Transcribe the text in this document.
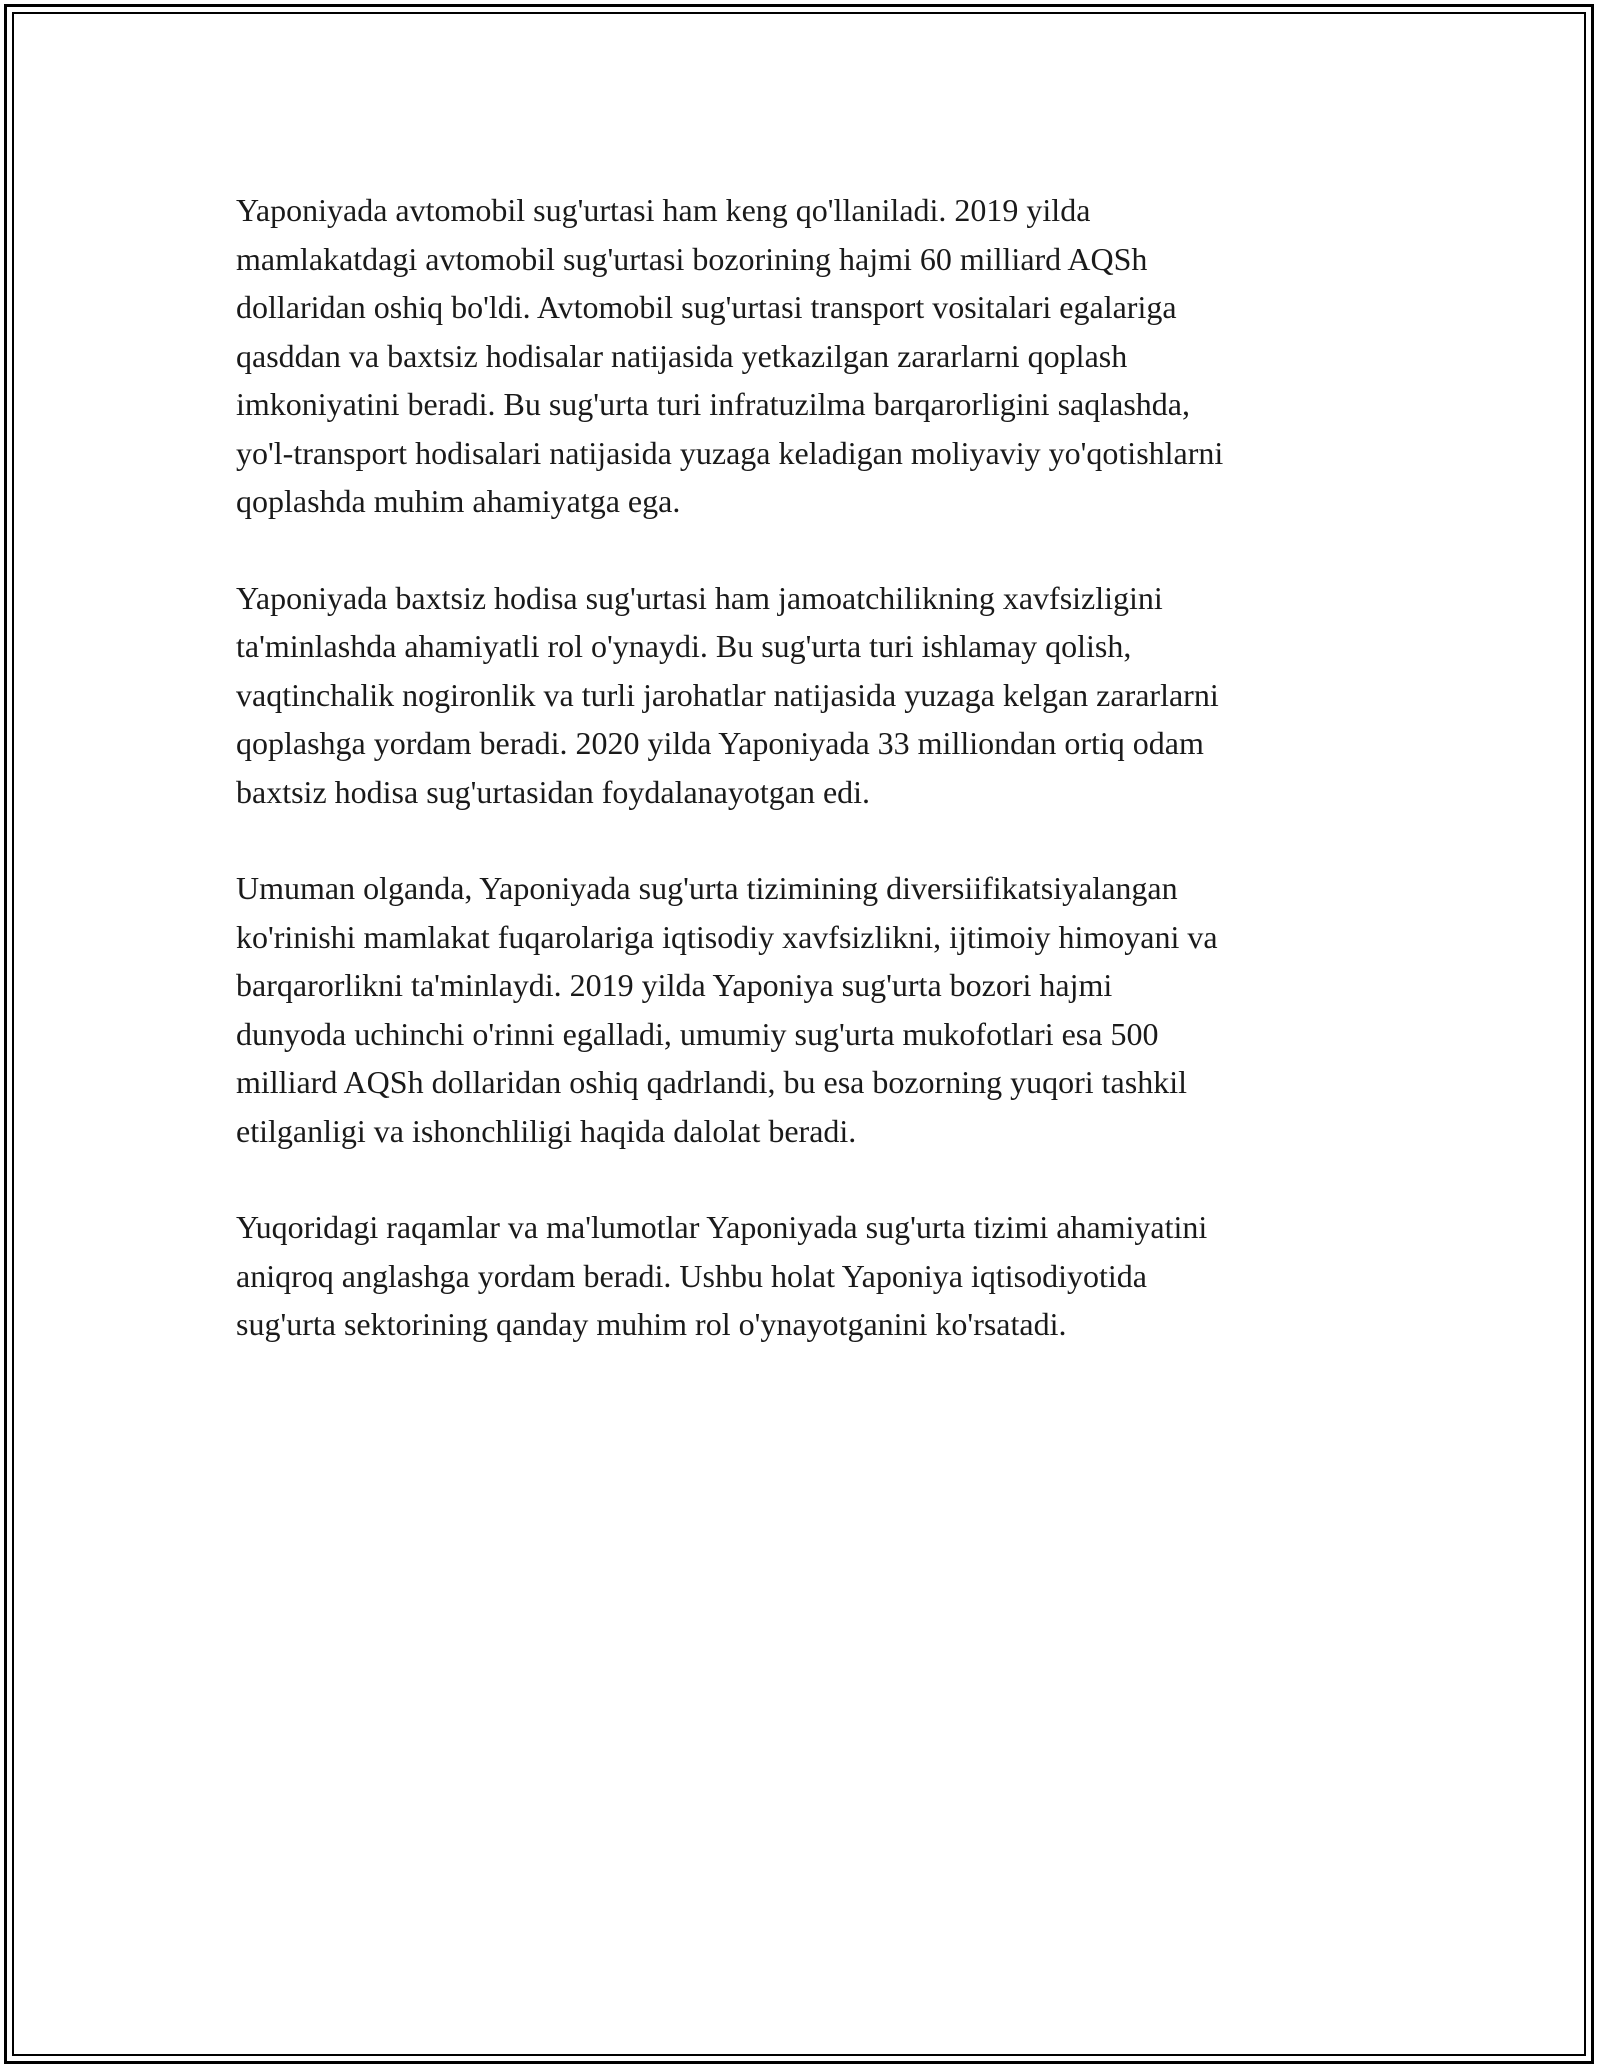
Yaponiyada avtomobil sug'urtasi ham keng qo'llaniladi. 2019 yilda
mamlakatdagi avtomobil sug'urtasi bozorining hajmi 60 milliard AQSh
dollaridan oshiq bo'ldi. Avtomobil sug'urtasi transport vositalari egalariga
qasddan va baxtsiz hodisalar natijasida yetkazilgan zararlarni qoplash
imkoniyatini beradi. Bu sug'urta turi infratuzilma barqarorligini saqlashda,
yo'l-transport hodisalari natijasida yuzaga keladigan moliyaviy yo'qotishlarni
qoplashda muhim ahamiyatga ega.

Yaponiyada baxtsiz hodisa sug'urtasi ham jamoatchilikning xavfsizligini
ta'minlashda ahamiyatli rol o'ynaydi. Bu sug'urta turi ishlamay qolish,
vaqtinchalik nogironlik va turli jarohatlar natijasida yuzaga kelgan zararlarni
qoplashga yordam beradi. 2020 yilda Yaponiyada 33 milliondan ortiq odam
baxtsiz hodisa sug'urtasidan foydalanayotgan edi.

Umuman olganda, Yaponiyada sug'urta tizimining diversiifikatsiyalangan
ko'rinishi mamlakat fuqarolariga iqtisodiy xavfsizlikni, ijtimoiy himoyani va
barqarorlikni ta'minlaydi. 2019 yilda Yaponiya sug'urta bozori hajmi
dunyoda uchinchi o'rinni egalladi, umumiy sug'urta mukofotlari esa 500
milliard AQSh dollaridan oshiq qadrlandi, bu esa bozorning yuqori tashkil
etilganligi va ishonchliligi haqida dalolat beradi.

Yuqoridagi raqamlar va ma'lumotlar Yaponiyada sug'urta tizimi ahamiyatini
aniqroq anglashga yordam beradi. Ushbu holat Yaponiya iqtisodiyotida
sug'urta sektorining qanday muhim rol o'ynayotganini ko'rsatadi.
